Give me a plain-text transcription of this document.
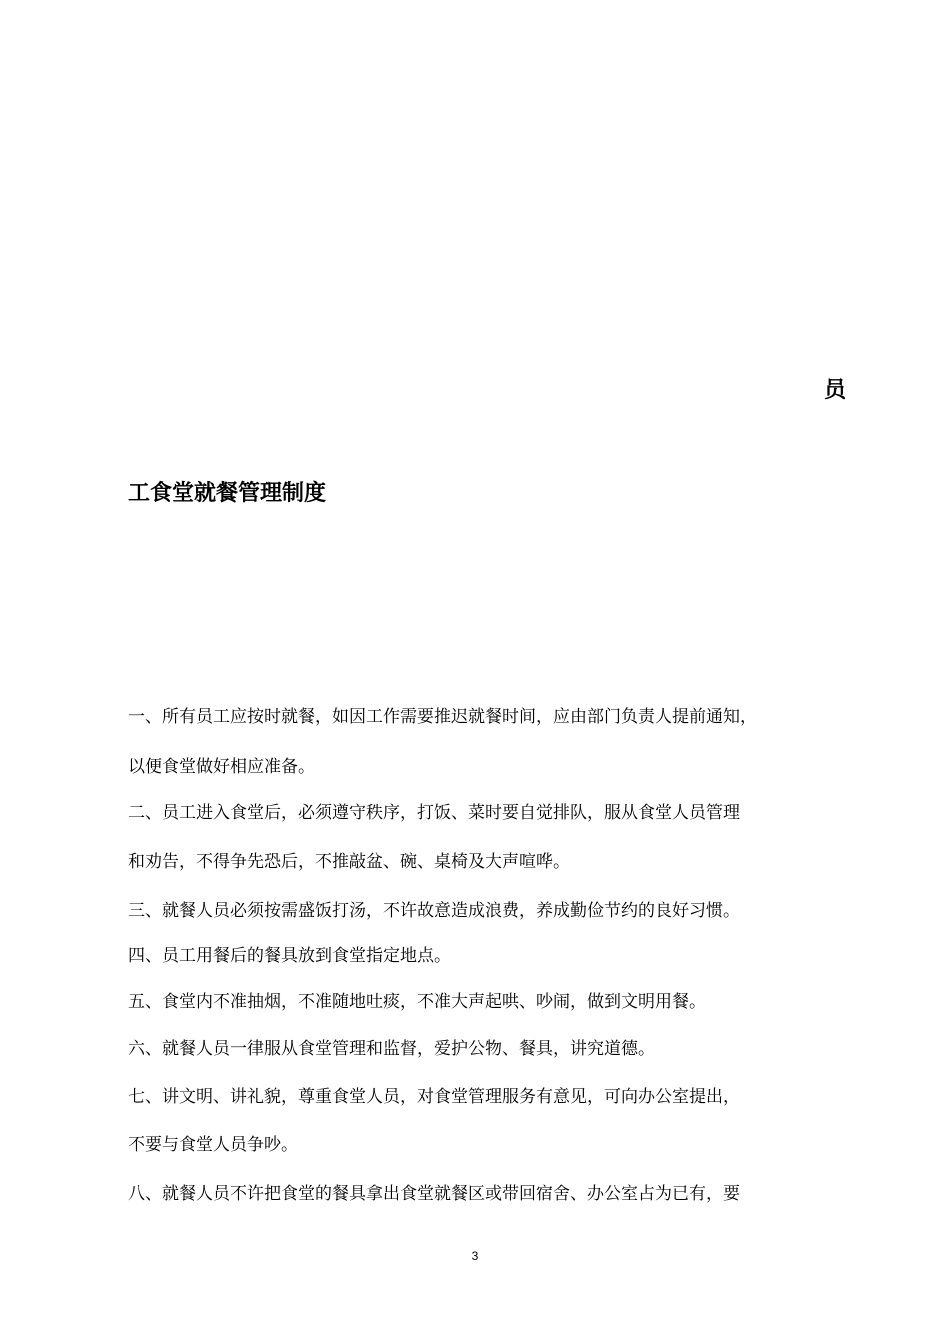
员
工食堂就餐管理制度
一、所有员工应按时就餐，如因工作需要推迟就餐时间，应由部门负责人提前通知，
以便食堂做好相应准备。
二、员工进入食堂后，必须遵守秩序，打饭、菜时要自觉排队，服从食堂人员管理
和劝告，不得争先恐后，不推敲盆、碗、桌椅及大声喧哗。
三、就餐人员必须按需盛饭打汤，不许故意造成浪费，养成勤俭节约的良好习惯。
四、员工用餐后的餐具放到食堂指定地点。
五、食堂内不准抽烟，不准随地吐痰，不准大声起哄、吵闹，做到文明用餐。
六、就餐人员一律服从食堂管理和监督，爱护公物、餐具，讲究道德。
七、讲文明、讲礼貌，尊重食堂人员，对食堂管理服务有意见，可向办公室提出，
不要与食堂人员争吵。
八、就餐人员不许把食堂的餐具拿出食堂就餐区或带回宿舍、办公室占为已有，要
3
